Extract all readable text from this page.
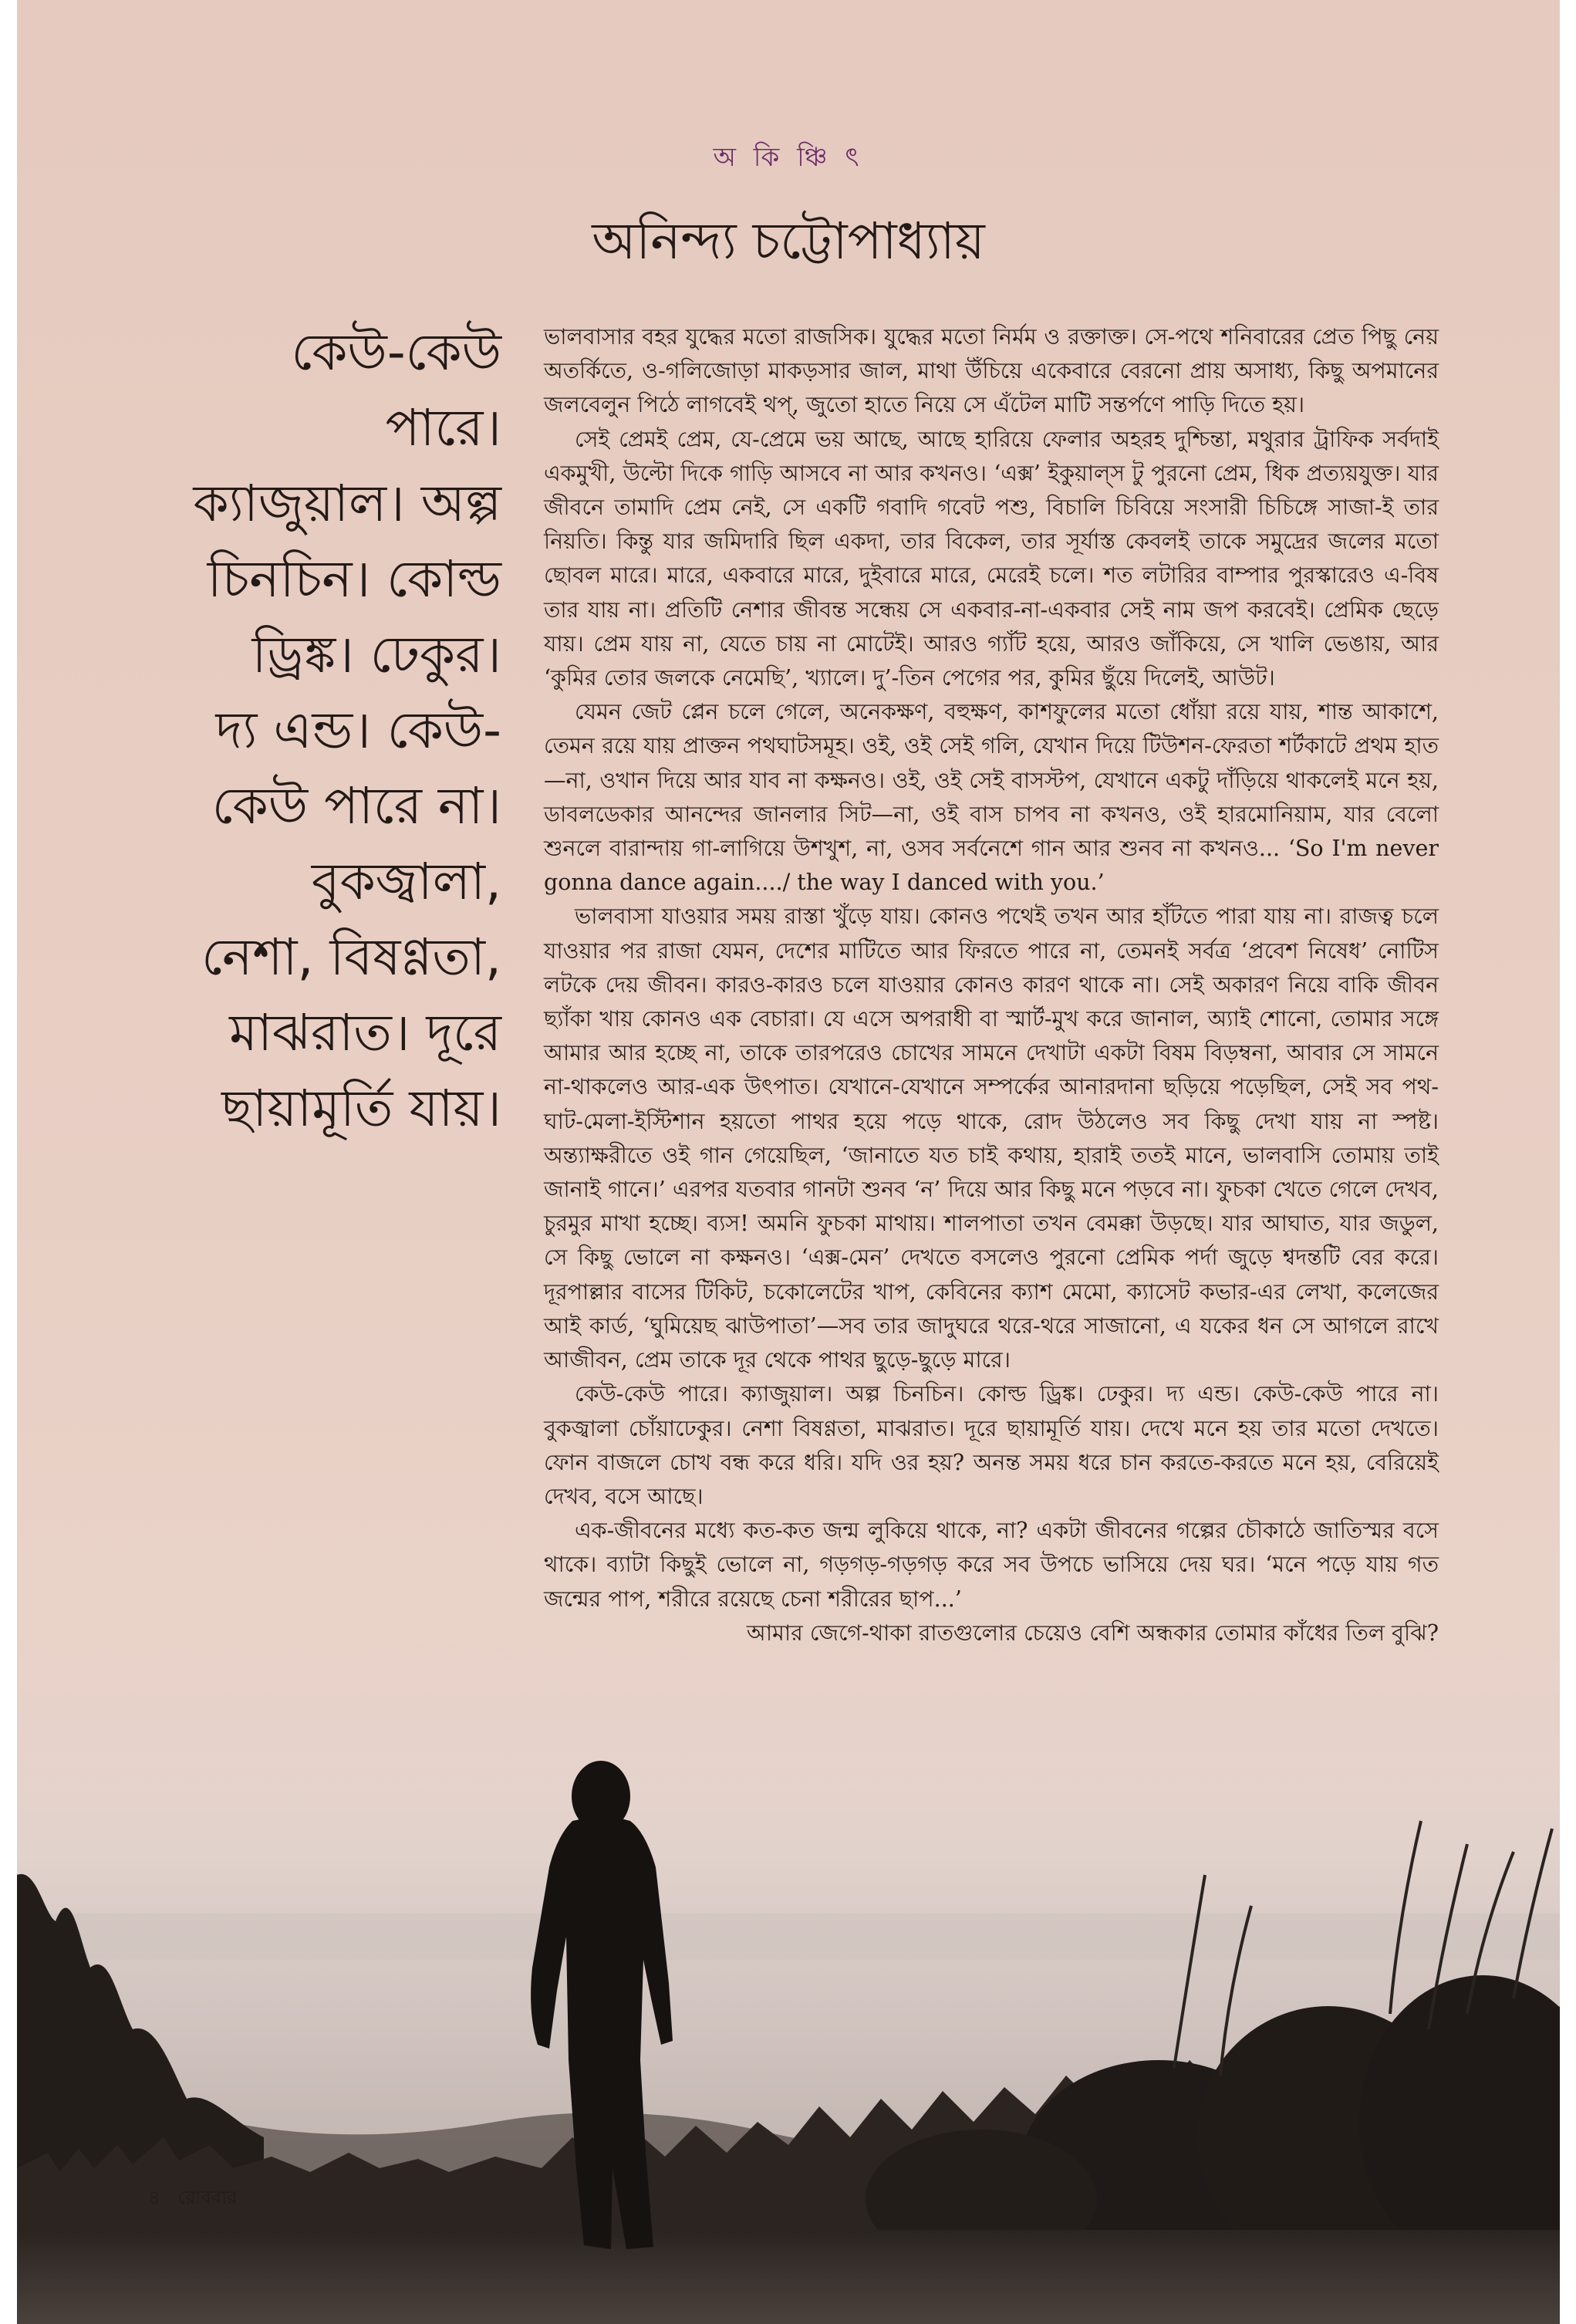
অ কি ঞ্চি ৎ
অনিন্দ্য চট্টোপাধ্যায়
কেউ-কেউ
পারে।
ক্যাজুয়াল। অল্প
চিনচিন। কোল্ড
ড্রিঙ্ক। ঢেকুর।
দ্য এন্ড। কেউ-
কেউ পারে না।
বুকজ্বালা,
নেশা, বিষণ্ণতা,
মাঝরাত। দূরে
ছায়ামূর্তি যায়।

ভালবাসার বহর যুদ্ধের মতো রাজসিক। যুদ্ধের মতো নির্মম ও রক্তাক্ত। সে-পথে শনিবারের প্রেত পিছু নেয় অতর্কিতে, ও-গলিজোড়া মাকড়সার জাল, মাথা উঁচিয়ে একেবারে বেরনো প্রায় অসাধ্য, কিছু অপমানের জলবেলুন পিঠে লাগবেই থপ্, জুতো হাতে নিয়ে সে এঁটেল মাটি সন্তর্পণে পাড়ি দিতে হয়।

সেই প্রেমই প্রেম, যে-প্রেমে ভয় আছে, আছে হারিয়ে ফেলার অহরহ দুশ্চিন্তা, মথুরার ট্রাফিক সর্বদাই একমুখী, উল্টো দিকে গাড়ি আসবে না আর কখনও। ‘এক্স’ ইকুয়াল্স টু পুরনো প্রেম, ধিক প্রত্যয়যুক্ত। যার জীবনে তামাদি প্রেম নেই, সে একটি গবাদি গবেট পশু, বিচালি চিবিয়ে সংসারী চিচিঙ্গে সাজা-ই তার নিয়তি। কিন্তু যার জমিদারি ছিল একদা, তার বিকেল, তার সূর্যাস্ত কেবলই তাকে সমুদ্রের জলের মতো ছোবল মারে। মারে, একবারে মারে, দুইবারে মারে, মেরেই চলে। শত লটারির বাম্পার পুরস্কারেও এ-বিষ তার যায় না। প্রতিটি নেশার জীবন্ত সন্ধেয় সে একবার-না-একবার সেই নাম জপ করবেই। প্রেমিক ছেড়ে যায়। প্রেম যায় না, যেতে চায় না মোটেই। আরও গ্যাঁট হয়ে, আরও জাঁকিয়ে, সে খালি ভেঙায়, আর ‘কুমির তোর জলকে নেমেছি’, খ্যালে। দু’-তিন পেগের পর, কুমির ছুঁয়ে দিলেই, আউট।

যেমন জেট প্লেন চলে গেলে, অনেকক্ষণ, বহুক্ষণ, কাশফুলের মতো ধোঁয়া রয়ে যায়, শান্ত আকাশে, তেমন রয়ে যায় প্রাক্তন পথঘাটসমূহ। ওই, ওই সেই গলি, যেখান দিয়ে টিউশন-ফেরতা শর্টকাটে প্রথম হাত—না, ওখান দিয়ে আর যাব না কক্ষনও। ওই, ওই সেই বাসস্টপ, যেখানে একটু দাঁড়িয়ে থাকলেই মনে হয়, ডাবলডেকার আনন্দের জানলার সিট—না, ওই বাস চাপব না কখনও, ওই হারমোনিয়াম, যার বেলো শুনলে বারান্দায় গা-লাগিয়ে উশখুশ, না, ওসব সর্বনেশে গান আর শুনব না কখনও... ‘So I'm never gonna dance again..../ the way I danced with you.’

ভালবাসা যাওয়ার সময় রাস্তা খুঁড়ে যায়। কোনও পথেই তখন আর হাঁটতে পারা যায় না। রাজত্ব চলে যাওয়ার পর রাজা যেমন, দেশের মাটিতে আর ফিরতে পারে না, তেমনই সর্বত্র ‘প্রবেশ নিষেধ’ নোটিস লটকে দেয় জীবন। কারও-কারও চলে যাওয়ার কোনও কারণ থাকে না। সেই অকারণ নিয়ে বাকি জীবন ছ্যাঁকা খায় কোনও এক বেচারা। যে এসে অপরাধী বা স্মার্ট-মুখ করে জানাল, অ্যাই শোনো, তোমার সঙ্গে আমার আর হচ্ছে না, তাকে তারপরেও চোখের সামনে দেখাটা একটা বিষম বিড়ম্বনা, আবার সে সামনে না-থাকলেও আর-এক উৎপাত। যেখানে-যেখানে সম্পর্কের আনারদানা ছড়িয়ে পড়েছিল, সেই সব পথ-ঘাট-মেলা-ইস্টিশান হয়তো পাথর হয়ে পড়ে থাকে, রোদ উঠলেও সব কিছু দেখা যায় না স্পষ্ট। অন্ত্যাক্ষরীতে ওই গান গেয়েছিল, ‘জানাতে যত চাই কথায়, হারাই ততই মানে, ভালবাসি তোমায় তাই জানাই গানে।’ এরপর যতবার গানটা শুনব ‘ন’ দিয়ে আর কিছু মনে পড়বে না। ফুচকা খেতে গেলে দেখব, চুরমুর মাখা হচ্ছে। ব্যস! অমনি ফুচকা মাথায়। শালপাতা তখন বেমক্কা উড়ছে। যার আঘাত, যার জডুল, সে কিছু ভোলে না কক্ষনও। ‘এক্স-মেন’ দেখতে বসলেও পুরনো প্রেমিক পর্দা জুড়ে শ্বদন্তটি বের করে। দূরপাল্লার বাসের টিকিট, চকোলেটের খাপ, কেবিনের ক্যাশ মেমো, ক্যাসেট কভার-এর লেখা, কলেজের আই কার্ড, ‘ঘুমিয়েছ ঝাউপাতা’—সব তার জাদুঘরে থরে-থরে সাজানো, এ যকের ধন সে আগলে রাখে আজীবন, প্রেম তাকে দূর থেকে পাথর ছুড়ে-ছুড়ে মারে।

কেউ-কেউ পারে। ক্যাজুয়াল। অল্প চিনচিন। কোল্ড ড্রিঙ্ক। ঢেকুর। দ্য এন্ড। কেউ-কেউ পারে না। বুকজ্বালা চোঁয়াঢেকুর। নেশা বিষণ্ণতা, মাঝরাত। দূরে ছায়ামূর্তি যায়। দেখে মনে হয় তার মতো দেখতে। ফোন বাজলে চোখ বন্ধ করে ধরি। যদি ওর হয়? অনন্ত সময় ধরে চান করতে-করতে মনে হয়, বেরিয়েই দেখব, বসে আছে।

এক-জীবনের মধ্যে কত-কত জন্ম লুকিয়ে থাকে, না? একটা জীবনের গল্পের চৌকাঠে জাতিস্মর বসে থাকে। ব্যাটা কিছুই ভোলে না, গড়গড়-গড়গড় করে সব উপচে ভাসিয়ে দেয় ঘর। ‘মনে পড়ে যায় গত জন্মের পাপ, শরীরে রয়েছে চেনা শরীরের ছাপ...’

আমার জেগে-থাকা রাতগুলোর চেয়েও বেশি অন্ধকার তোমার কাঁধের তিল বুঝি?

৪ রোববার
